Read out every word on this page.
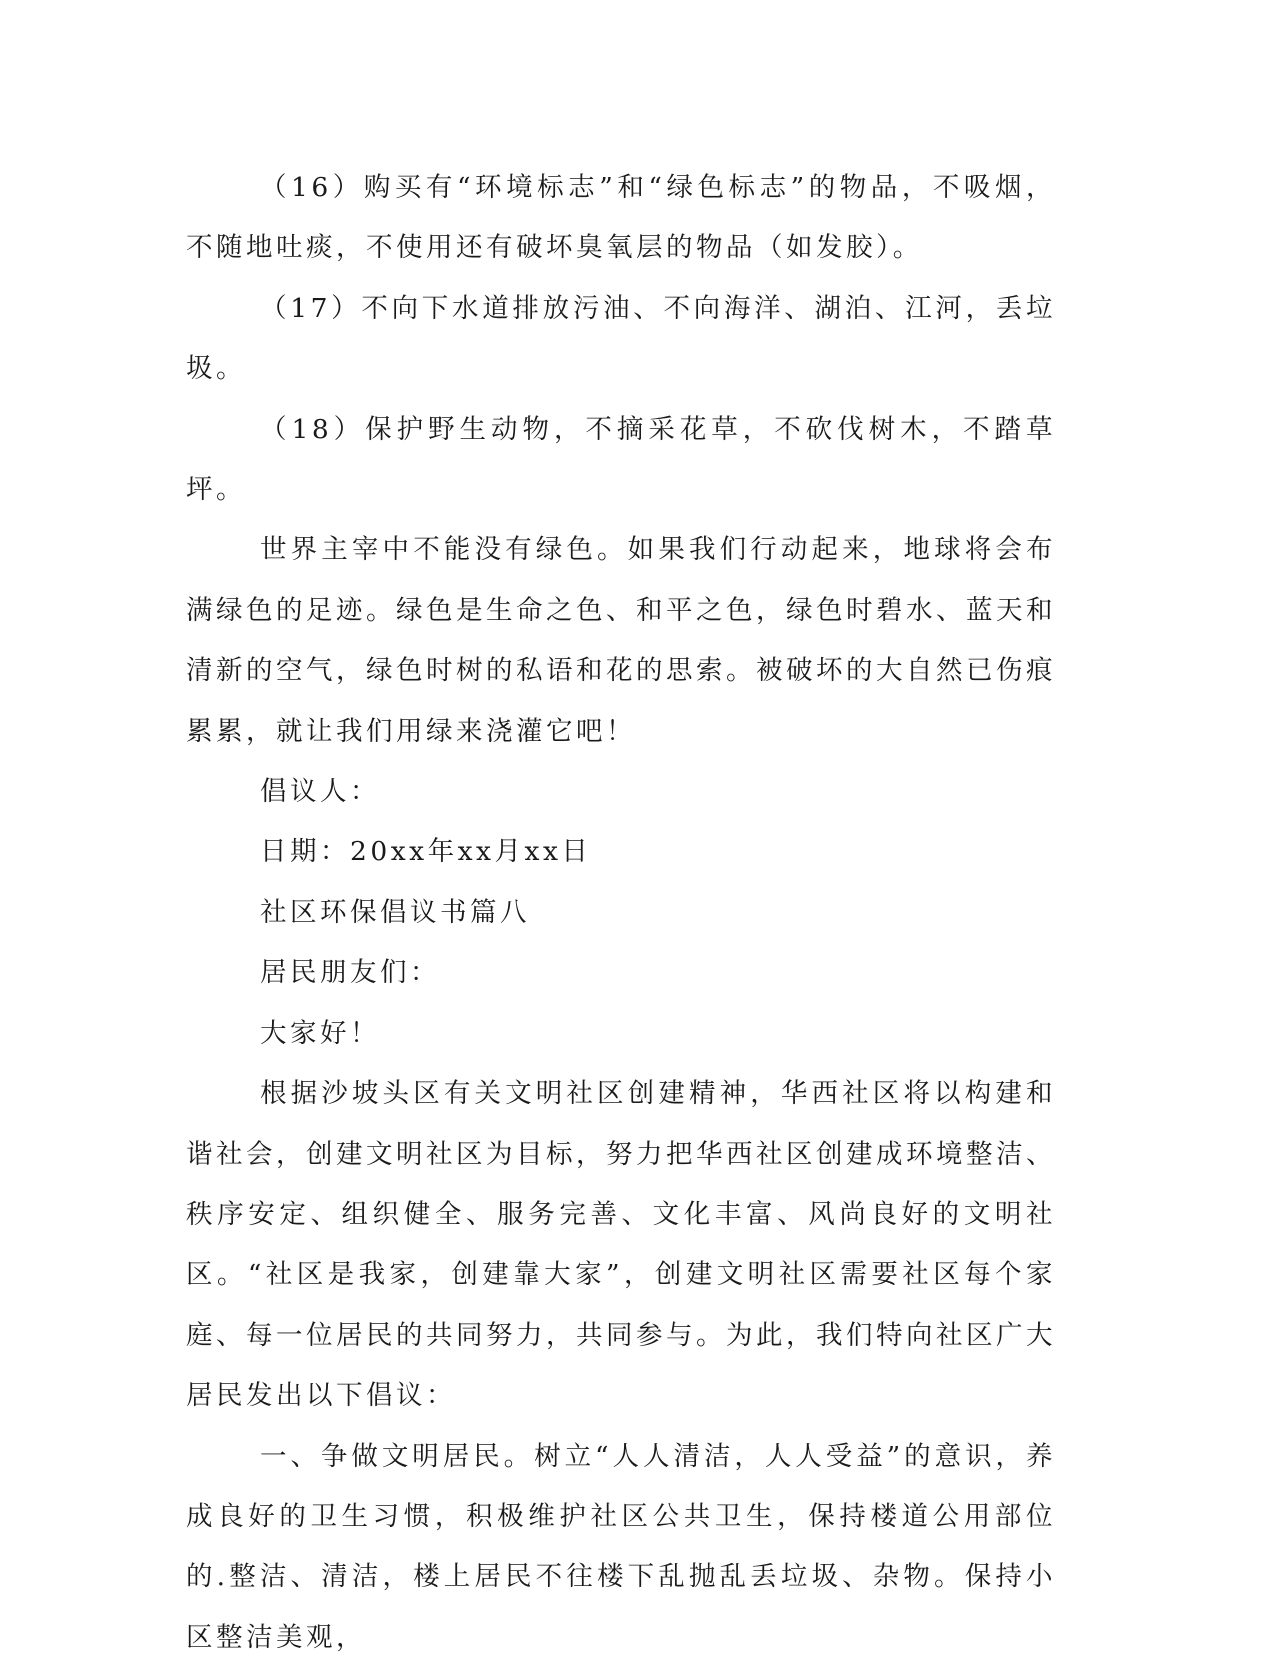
（16）购买有“环境标志”和“绿色标志”的物品，不吸烟，不随地吐痰，不使用还有破坏臭氧层的物品（如发胶）。

（17）不向下水道排放污油、不向海洋、湖泊、江河，丢垃圾。

（18）保护野生动物，不摘采花草，不砍伐树木，不踏草坪。

世界主宰中不能没有绿色。如果我们行动起来，地球将会布满绿色的足迹。绿色是生命之色、和平之色，绿色时碧水、蓝天和清新的空气，绿色时树的私语和花的思索。被破坏的大自然已伤痕累累，就让我们用绿来浇灌它吧！

倡议人：

日期：20xx年xx月xx日

社区环保倡议书篇八

居民朋友们：

大家好！

根据沙坡头区有关文明社区创建精神，华西社区将以构建和谐社会，创建文明社区为目标，努力把华西社区创建成环境整洁、秩序安定、组织健全、服务完善、文化丰富、风尚良好的文明社区。“社区是我家，创建靠大家”，创建文明社区需要社区每个家庭、每一位居民的共同努力，共同参与。为此，我们特向社区广大居民发出以下倡议：

一、争做文明居民。树立“人人清洁，人人受益”的意识，养成良好的卫生习惯，积极维护社区公共卫生，保持楼道公用部位的.整洁、清洁，楼上居民不往楼下乱抛乱丢垃圾、杂物。保持小区整洁美观，
